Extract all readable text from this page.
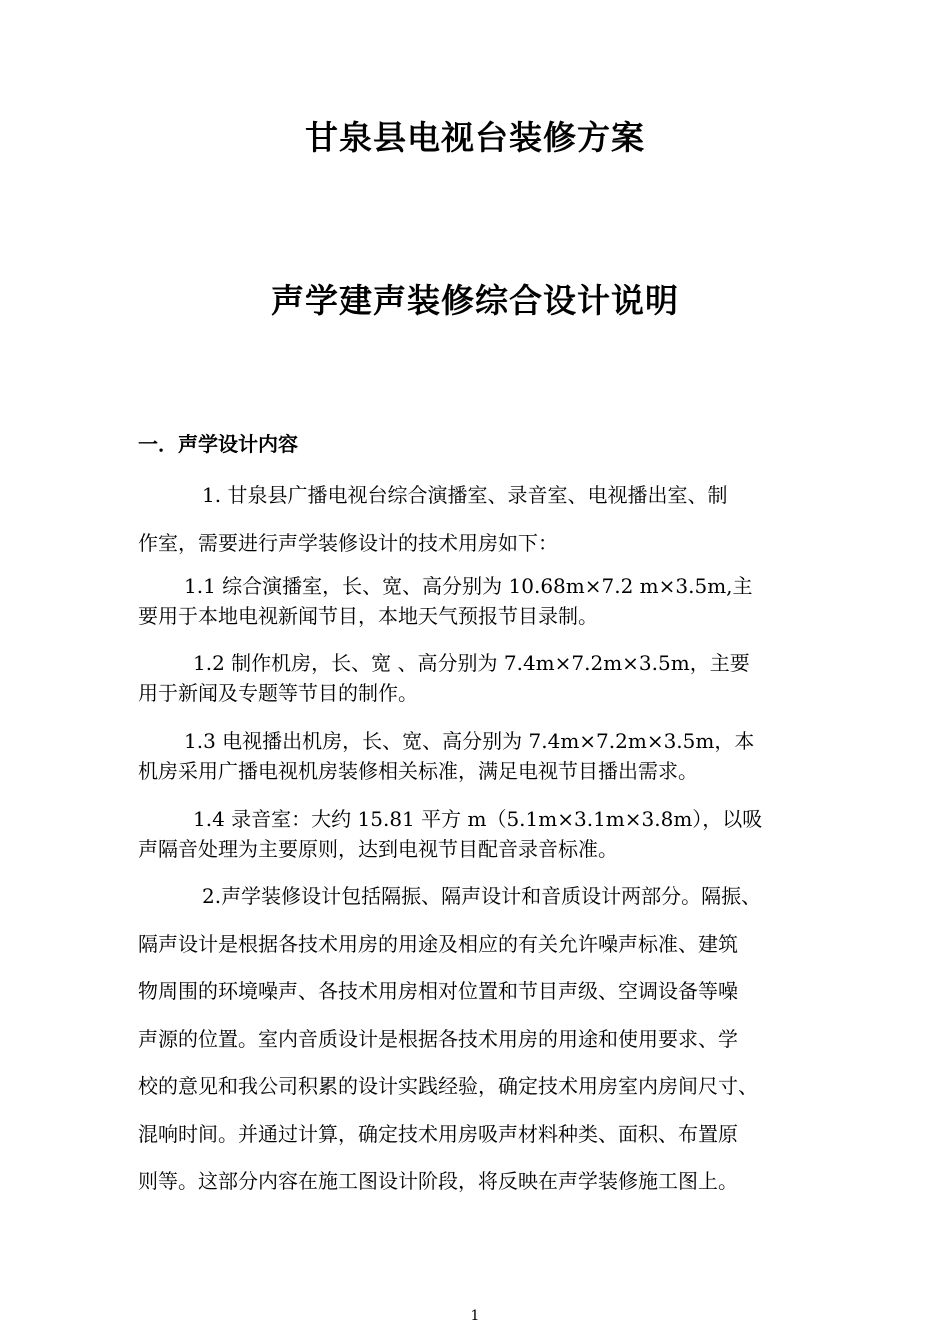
甘泉县电视台装修方案
声学建声装修综合设计说明
一．声学设计内容
1. 甘泉县广播电视台综合演播室、录音室、电视播出室、制
作室，需要进行声学装修设计的技术用房如下：
1.1 综合演播室，长、宽、高分别为 10.68m×7.2 m×3.5m,主
要用于本地电视新闻节目，本地天气预报节目录制。
1.2 制作机房，长、宽 、高分别为 7.4m×7.2m×3.5m，主要
用于新闻及专题等节目的制作。
1.3 电视播出机房，长、宽、高分别为 7.4m×7.2m×3.5m，本
机房采用广播电视机房装修相关标准，满足电视节目播出需求。
1.4 录音室：大约 15.81 平方 m（5.1m×3.1m×3.8m），以吸
声隔音处理为主要原则，达到电视节目配音录音标准。
2.声学装修设计包括隔振、隔声设计和音质设计两部分。隔振、
隔声设计是根据各技术用房的用途及相应的有关允许噪声标准、建筑
物周围的环境噪声、各技术用房相对位置和节目声级、空调设备等噪
声源的位置。室内音质设计是根据各技术用房的用途和使用要求、学
校的意见和我公司积累的设计实践经验，确定技术用房室内房间尺寸、
混响时间。并通过计算，确定技术用房吸声材料种类、面积、布置原
则等。这部分内容在施工图设计阶段，将反映在声学装修施工图上。
1
